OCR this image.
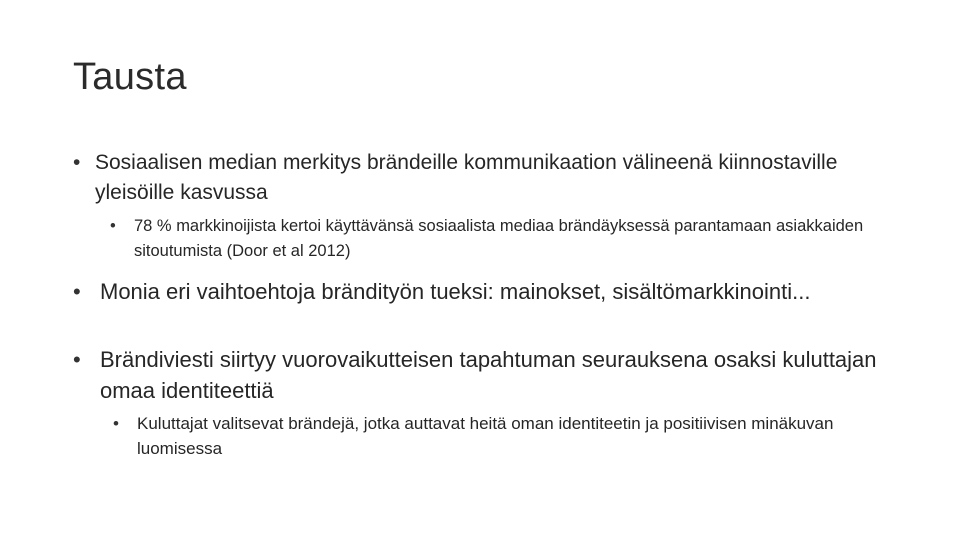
Tausta
• Sosiaalisen median merkitys brändeille kommunikaation välineenä kiinnostaville yleisöille kasvussa
•	78 % markkinoijista kertoi käyttävänsä sosiaalista mediaa brändäyksessä parantamaan asiakkaiden sitoutumista (Door et al 2012)
• Monia eri vaihtoehtoja brändityön tueksi: mainokset, sisältömarkkinointi...
• Brändiviesti siirtyy vuorovaikutteisen tapahtuman seurauksena osaksi kuluttajan omaa identiteettiä
•	Kuluttajat valitsevat brändejä, jotka auttavat heitä oman identiteetin ja positiivisen minäkuvan luomisessa
